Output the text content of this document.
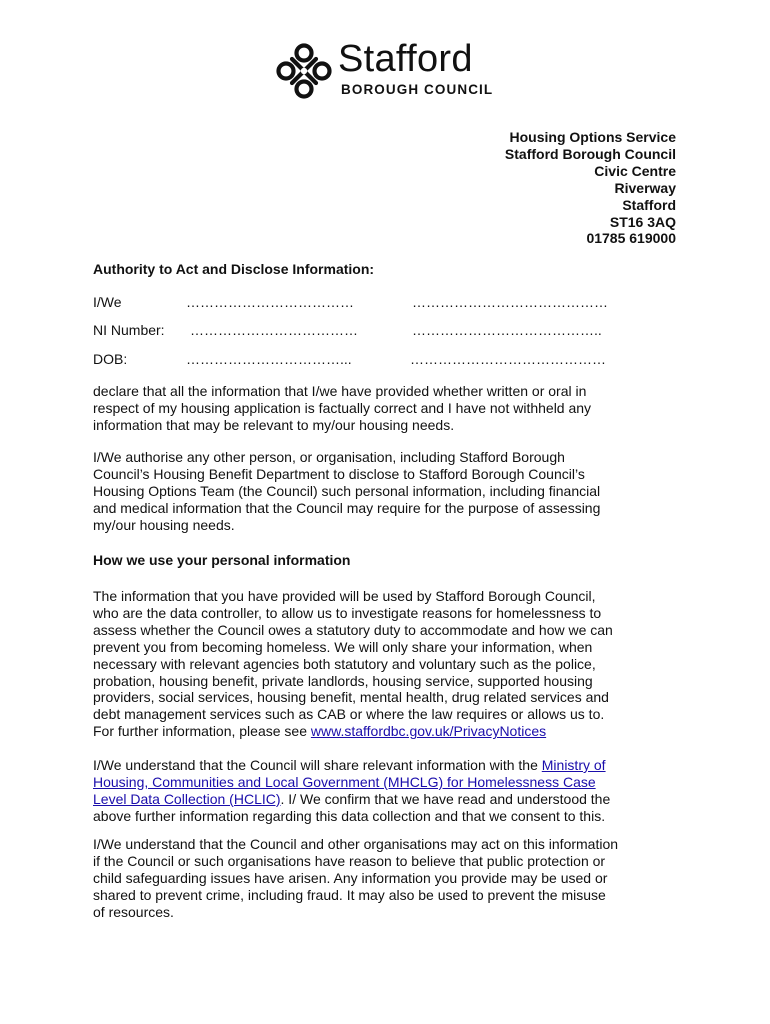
Stafford
BOROUGH COUNCIL
Housing Options Service
Stafford Borough Council
Civic Centre
Riverway
Stafford
ST16 3AQ
01785 619000
Authority to Act and Disclose Information:
I/We	………………………………	……………………………………
NI Number: ………………………………	…………………………………..
DOB:	……………………………...	……………………………………
declare that all the information that I/we have provided whether written or oral in
respect of my housing application is factually correct and I have not withheld any
information that may be relevant to my/our housing needs.
I/We authorise any other person, or organisation, including Stafford Borough
Council’s Housing Benefit Department to disclose to Stafford Borough Council’s
Housing Options Team (the Council) such personal information, including financial
and medical information that the Council may require for the purpose of assessing
my/our housing needs.
How we use your personal information
The information that you have provided will be used by Stafford Borough Council,
who are the data controller, to allow us to investigate reasons for homelessness to
assess whether the Council owes a statutory duty to accommodate and how we can
prevent you from becoming homeless. We will only share your information, when
necessary with relevant agencies both statutory and voluntary such as the police,
probation, housing benefit, private landlords, housing service, supported housing
providers, social services, housing benefit, mental health, drug related services and
debt management services such as CAB or where the law requires or allows us to.
For further information, please see www.staffordbc.gov.uk/PrivacyNotices
I/We understand that the Council will share relevant information with the Ministry of
Housing, Communities and Local Government (MHCLG) for Homelessness Case
Level Data Collection (HCLIC). I/ We confirm that we have read and understood the
above further information regarding this data collection and that we consent to this.
I/We understand that the Council and other organisations may act on this information
if the Council or such organisations have reason to believe that public protection or
child safeguarding issues have arisen. Any information you provide may be used or
shared to prevent crime, including fraud. It may also be used to prevent the misuse
of resources.
